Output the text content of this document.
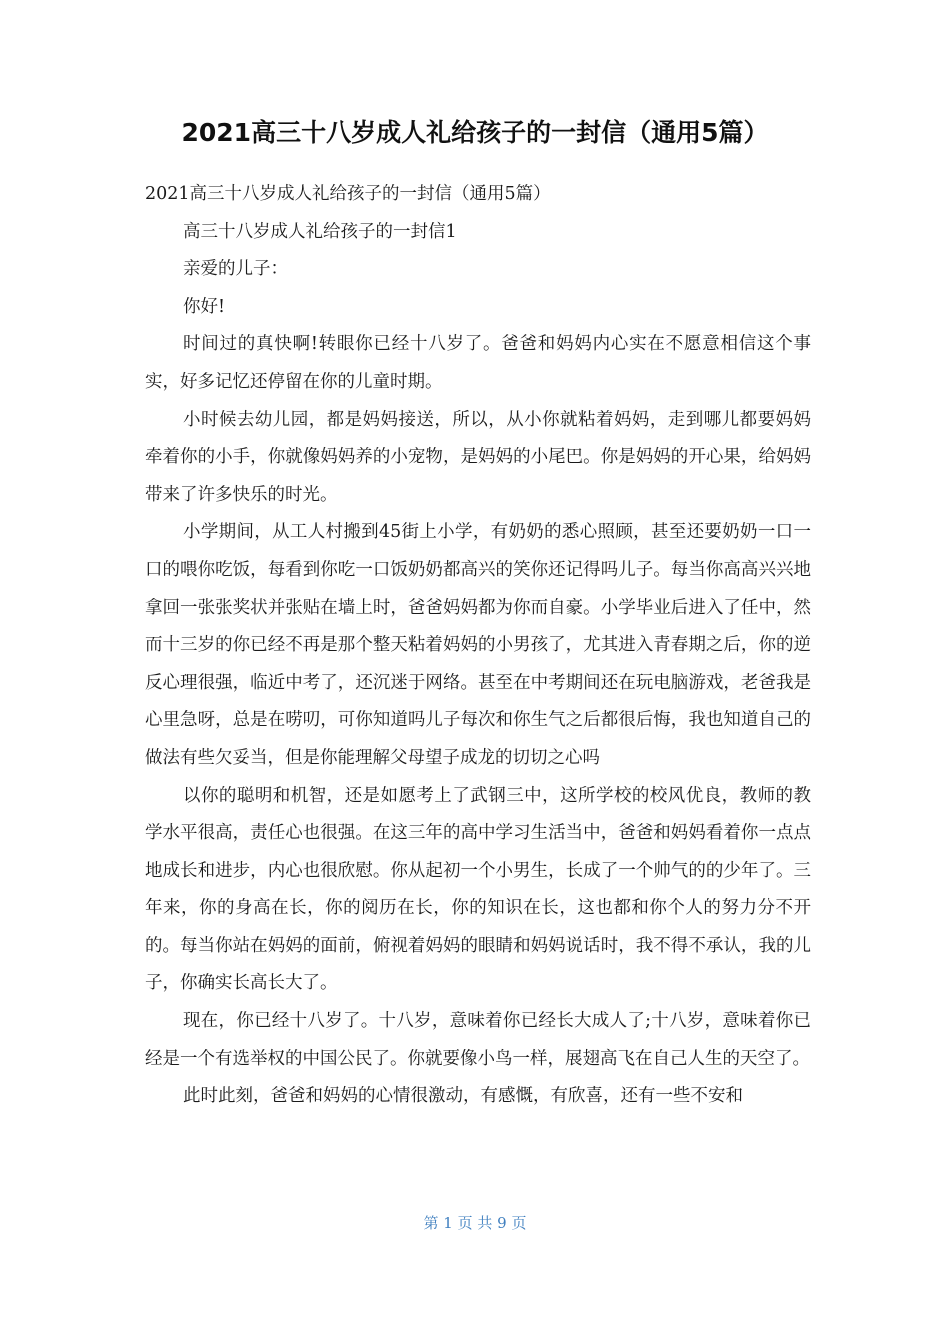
2021高三十八岁成人礼给孩子的一封信（通用5篇）

2021高三十八岁成人礼给孩子的一封信（通用5篇）

高三十八岁成人礼给孩子的一封信1

亲爱的儿子：

你好!

时间过的真快啊!转眼你已经十八岁了。爸爸和妈妈内心实在不愿意相信这个事实，好多记忆还停留在你的儿童时期。

小时候去幼儿园，都是妈妈接送，所以，从小你就粘着妈妈，走到哪儿都要妈妈牵着你的小手，你就像妈妈养的小宠物，是妈妈的小尾巴。你是妈妈的开心果，给妈妈带来了许多快乐的时光。

小学期间，从工人村搬到45街上小学，有奶奶的悉心照顾，甚至还要奶奶一口一口的喂你吃饭，每看到你吃一口饭奶奶都高兴的笑你还记得吗儿子。每当你高高兴兴地拿回一张张奖状并张贴在墙上时，爸爸妈妈都为你而自豪。小学毕业后进入了任中，然而十三岁的你已经不再是那个整天粘着妈妈的小男孩了，尤其进入青春期之后，你的逆反心理很强，临近中考了，还沉迷于网络。甚至在中考期间还在玩电脑游戏，老爸我是心里急呀，总是在唠叨，可你知道吗儿子每次和你生气之后都很后悔，我也知道自己的做法有些欠妥当，但是你能理解父母望子成龙的切切之心吗

以你的聪明和机智，还是如愿考上了武钢三中，这所学校的校风优良，教师的教学水平很高，责任心也很强。在这三年的高中学习生活当中，爸爸和妈妈看着你一点点地成长和进步，内心也很欣慰。你从起初一个小男生，长成了一个帅气的的少年了。三年来，你的身高在长，你的阅历在长，你的知识在长，这也都和你个人的努力分不开的。每当你站在妈妈的面前，俯视着妈妈的眼睛和妈妈说话时，我不得不承认，我的儿子，你确实长高长大了。

现在，你已经十八岁了。十八岁，意味着你已经长大成人了;十八岁，意味着你已经是一个有选举权的中国公民了。你就要像小鸟一样，展翅高飞在自己人生的天空了。

此时此刻，爸爸和妈妈的心情很激动，有感慨，有欣喜，还有一些不安和

第 1 页 共 9 页
